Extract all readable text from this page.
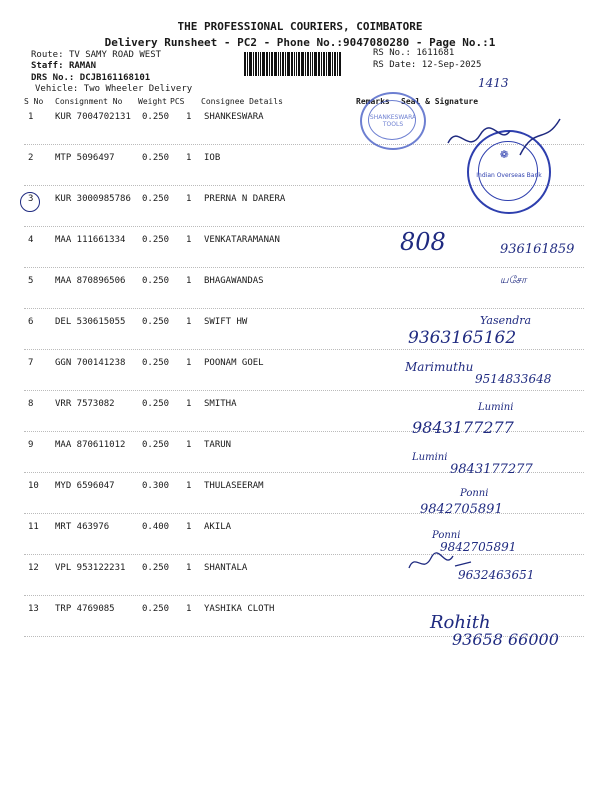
THE PROFESSIONAL COURIERS, COIMBATORE
Delivery Runsheet - PC2 - Phone No.:9047080280 - Page No.:1
Route: TV SAMY ROAD WEST
Staff: RAMAN
DRS No.: DCJB161168101
Vehicle: Two Wheeler Delivery
RS No.: 1611681
RS Date: 12-Sep-2025
S No Consignment No Weight PCS Consignee Details	Remarks Seal & Signature
1 KUR 7004702131 0.250 1 SHANKESWARA
2 MTP 5096497	0.250 1 IOB
3 KUR 3000985786 0.250 1 PRERNA N DARERA
4 MAA 111661334 0.250 1 VENKATARAMANAN
5 MAA 870896506 0.250 1 BHAGAWANDAS
6 DEL 530615055 0.250 1 SWIFT HW
7 GGN 700141238 0.250 1 POONAM GOEL
8 VRR 7573082	0.250 1 SMITHA
9 MAA 870611012 0.250 1 TARUN
10 MYD 6596047	0.300 1 THULASEERAM
11 MRT 463976	0.400 1 AKILA
12 VPL 953122231 0.250 1 SHANTALA
13 TRP 4769085	0.250 1 YASHIKA CLOTH
SHANKESWARA TOOLS
❁
Indian Overseas Bank
1413
808	936161859
யசோ
Yasendra
9363165162
Marimuthu
9514833648
Lumini
9843177277
Lumini
9843177277
Ponni
9842705891
Ponni
9842705891
9632463651
Rohith
93658 66000
